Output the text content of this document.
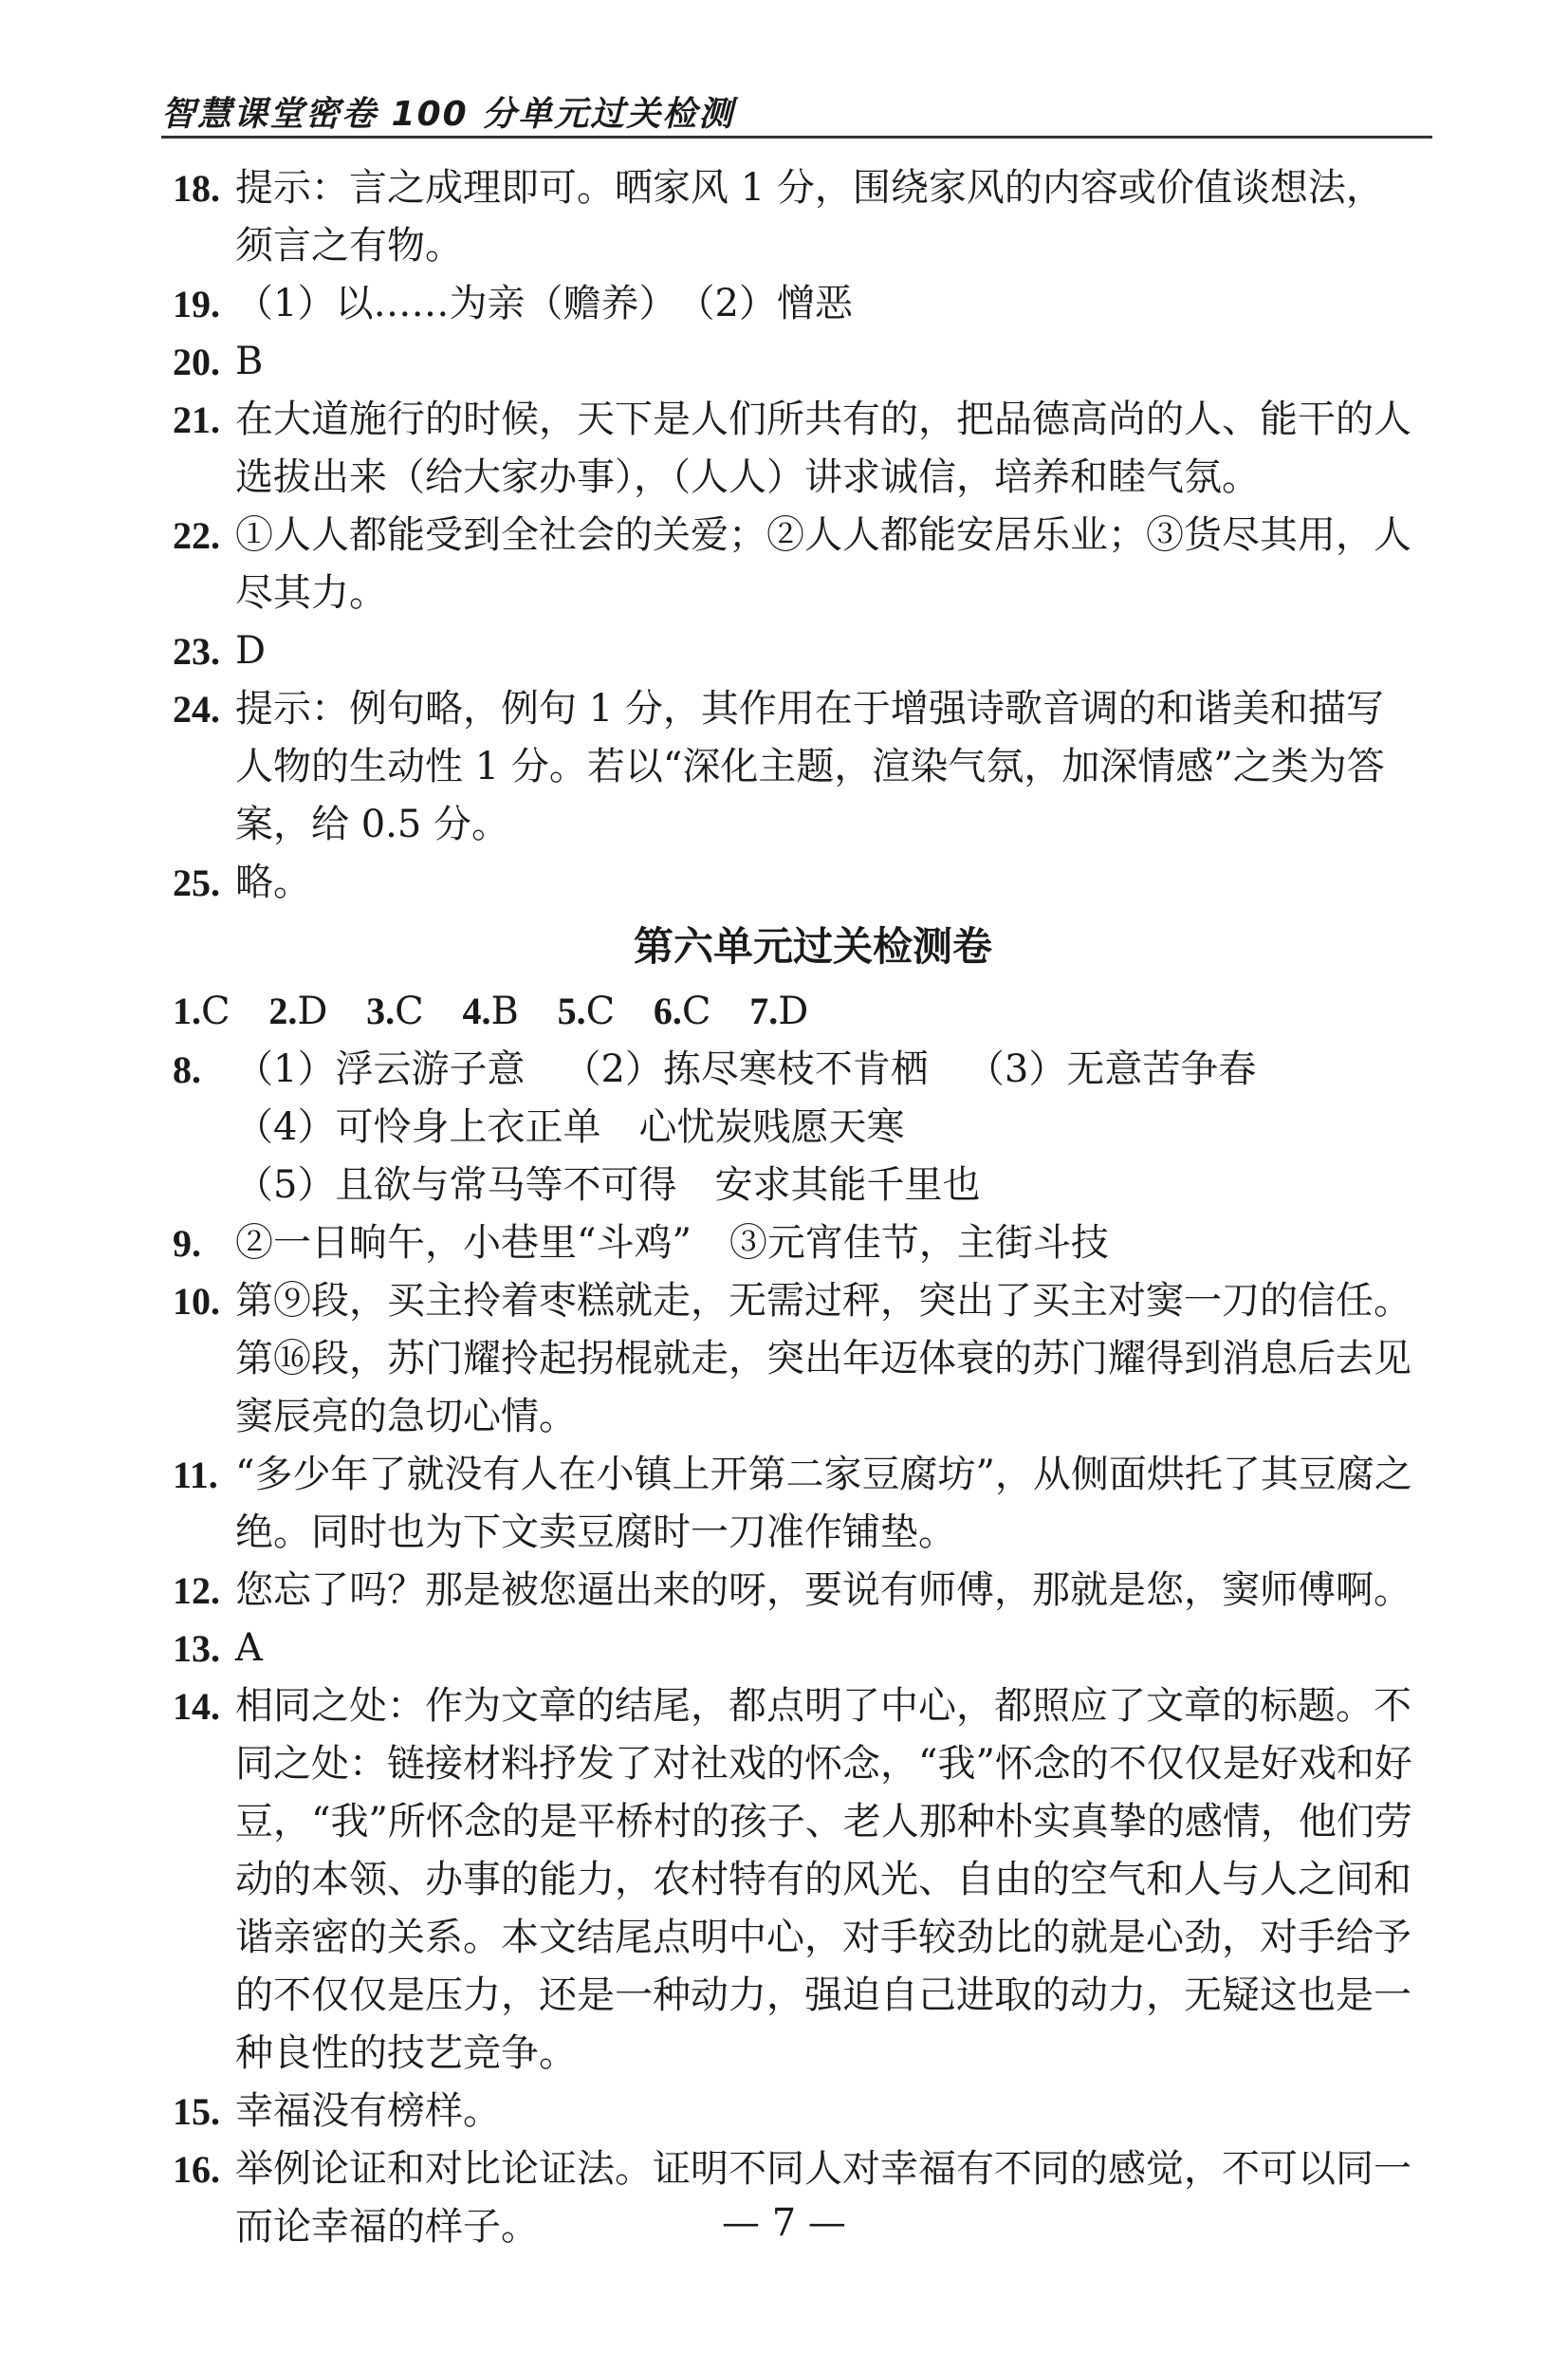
智慧课堂密卷 100 分单元过关检测
18. 提示：言之成理即可。晒家风 1 分，围绕家风的内容或价值谈想法，须言之有物。
19. （1）以……为亲（赡养）　（2）憎恶
20. B
21. 在大道施行的时候，天下是人们所共有的，把品德高尚的人、能干的人选拔出来（给大家办事），（人人）讲求诚信，培养和睦气氛。
22. ①人人都能受到全社会的关爱；②人人都能安居乐业；③货尽其用，人尽其力。
23. D
24. 提示：例句略，例句 1 分，其作用在于增强诗歌音调的和谐美和描写人物的生动性 1 分。若以“深化主题，渲染气氛，加深情感”之类为答案，给 0.5 分。
25. 略。
第六单元过关检测卷
1.C 2.D 3.C 4.B 5.C 6.C 7.D
8. （1）浮云游子意 （2）拣尽寒枝不肯栖 （3）无意苦争春
（4）可怜身上衣正单 心忧炭贱愿天寒
（5）且欲与常马等不可得 安求其能千里也
9. ②一日晌午，小巷里“斗鸡”　③元宵佳节，主街斗技
10. 第⑨段，买主拎着枣糕就走，无需过秤，突出了买主对窦一刀的信任。第⑯段，苏门耀拎起拐棍就走，突出年迈体衰的苏门耀得到消息后去见窦辰亮的急切心情。
11. “多少年了就没有人在小镇上开第二家豆腐坊”，从侧面烘托了其豆腐之绝。同时也为下文卖豆腐时一刀准作铺垫。
12. 您忘了吗？那是被您逼出来的呀，要说有师傅，那就是您，窦师傅啊。
13. A
14. 相同之处：作为文章的结尾，都点明了中心，都照应了文章的标题。不同之处：链接材料抒发了对社戏的怀念，“我”怀念的不仅仅是好戏和好豆，“我”所怀念的是平桥村的孩子、老人那种朴实真挚的感情，他们劳动的本领、办事的能力，农村特有的风光、自由的空气和人与人之间和谐亲密的关系。本文结尾点明中心，对手较劲比的就是心劲，对手给予的不仅仅是压力，还是一种动力，强迫自己进取的动力，无疑这也是一种良性的技艺竞争。
15. 幸福没有榜样。
16. 举例论证和对比论证法。证明不同人对幸福有不同的感觉，不可以同一而论幸福的样子。	— 7 —
